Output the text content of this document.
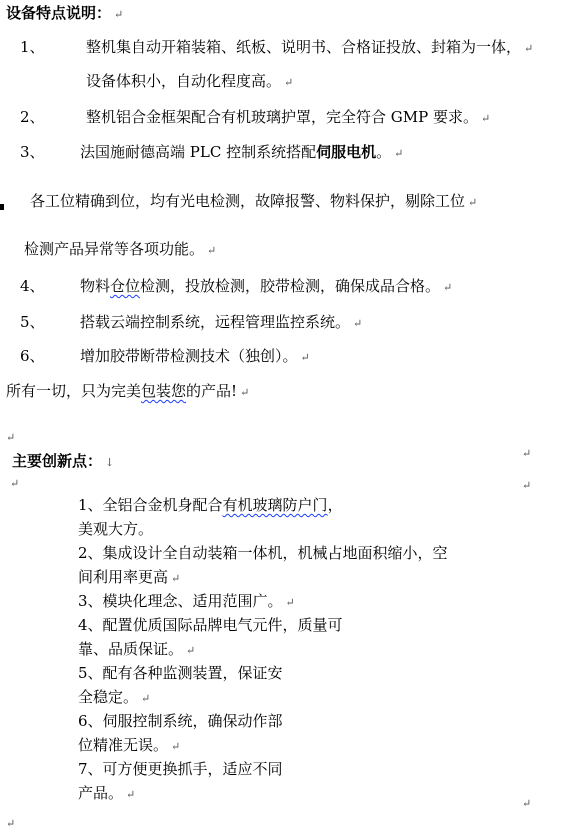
设备特点说明： ↵
1、	整机集自动开箱装箱、纸板、说明书、合格证投放、封箱为一体， ↵
设备体积小，自动化程度高。 ↵
2、	整机铝合金框架配合有机玻璃护罩，完全符合 GMP 要求。 ↵
3、 法国施耐德高端 PLC 控制系统搭配伺服电机。 ↵
各工位精确到位，均有光电检测，故障报警、物料保护，剔除工位 ↵
检测产品异常等各项功能。 ↵
4、 物料仓位检测，投放检测，胶带检测，确保成品合格。 ↵
5、 搭载云端控制系统，远程管理监控系统。 ↵
6、 增加胶带断带检测技术（独创）。 ↵
所有一切，只为完美包装您的产品! ↵
↵
主要创新点： ↓
↵
↵	↵
1、全铝合金机身配合有机玻璃防户门，
美观大方。
2、集成设计全自动装箱一体机，机械占地面积缩小，空
间利用率更高 ↵
3、模块化理念、适用范围广。 ↵
4、配置优质国际品牌电气元件，质量可
靠、品质保证。 ↵
5、配有各种监测装置，保证安
全稳定。 ↵
6、伺服控制系统，确保动作部
位精准无误。 ↵
7、可方便更换抓手，适应不同
产品。 ↵
↵
↵
